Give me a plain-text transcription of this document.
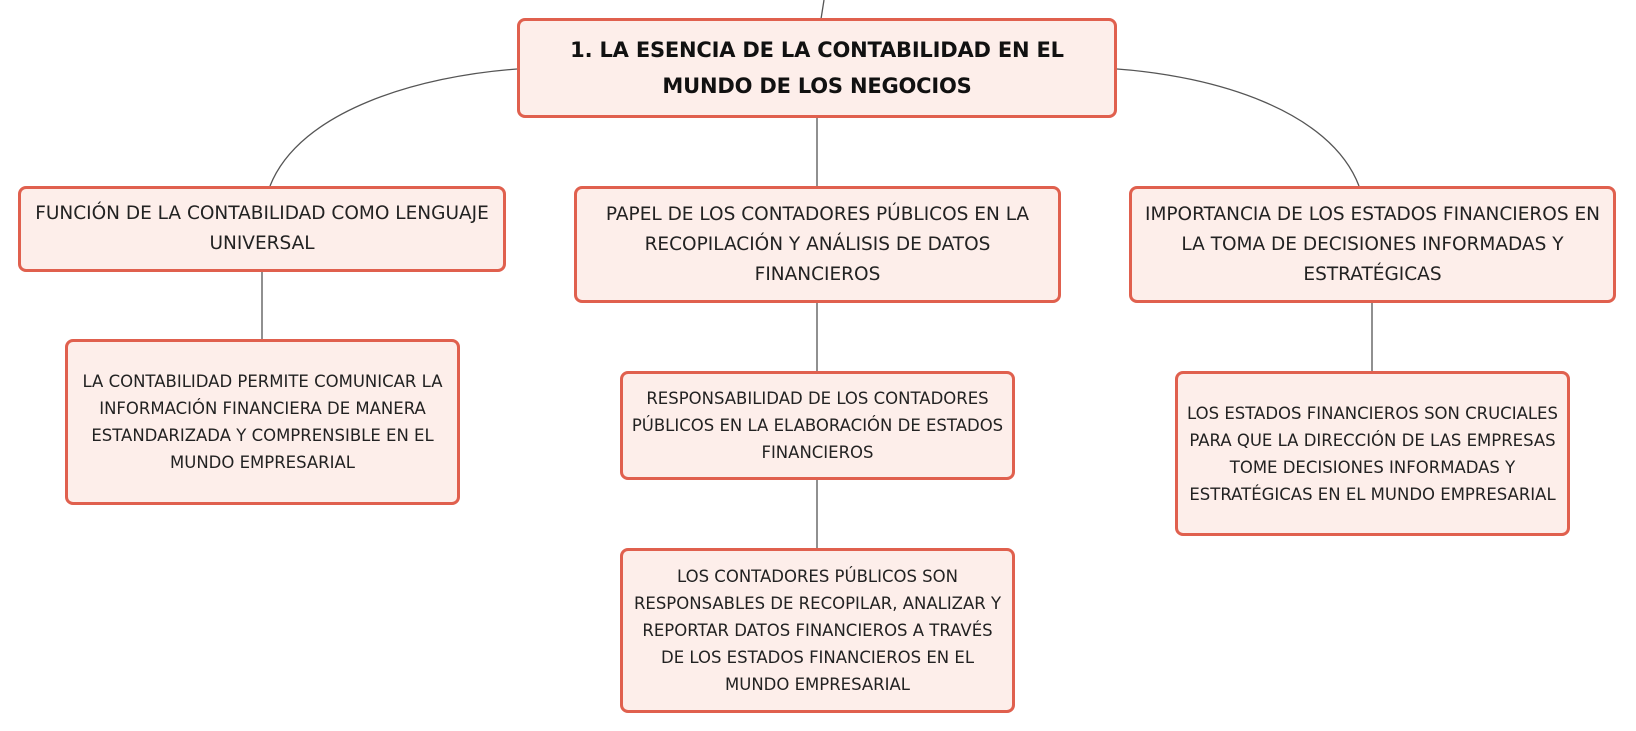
1. LA ESENCIA DE LA CONTABILIDAD EN EL MUNDO DE LOS NEGOCIOS
FUNCIÓN DE LA CONTABILIDAD COMO LENGUAJE UNIVERSAL
PAPEL DE LOS CONTADORES PÚBLICOS EN LA RECOPILACIÓN Y ANÁLISIS DE DATOS FINANCIEROS
IMPORTANCIA DE LOS ESTADOS FINANCIEROS EN LA TOMA DE DECISIONES INFORMADAS Y ESTRATÉGICAS
LA CONTABILIDAD PERMITE COMUNICAR LA INFORMACIÓN FINANCIERA DE MANERA ESTANDARIZADA Y COMPRENSIBLE EN EL MUNDO EMPRESARIAL
RESPONSABILIDAD DE LOS CONTADORES PÚBLICOS EN LA ELABORACIÓN DE ESTADOS FINANCIEROS
LOS CONTADORES PÚBLICOS SON RESPONSABLES DE RECOPILAR, ANALIZAR Y REPORTAR DATOS FINANCIEROS A TRAVÉS DE LOS ESTADOS FINANCIEROS EN EL MUNDO EMPRESARIAL
LOS ESTADOS FINANCIEROS SON CRUCIALES PARA QUE LA DIRECCIÓN DE LAS EMPRESAS TOME DECISIONES INFORMADAS Y ESTRATÉGICAS EN EL MUNDO EMPRESARIAL
